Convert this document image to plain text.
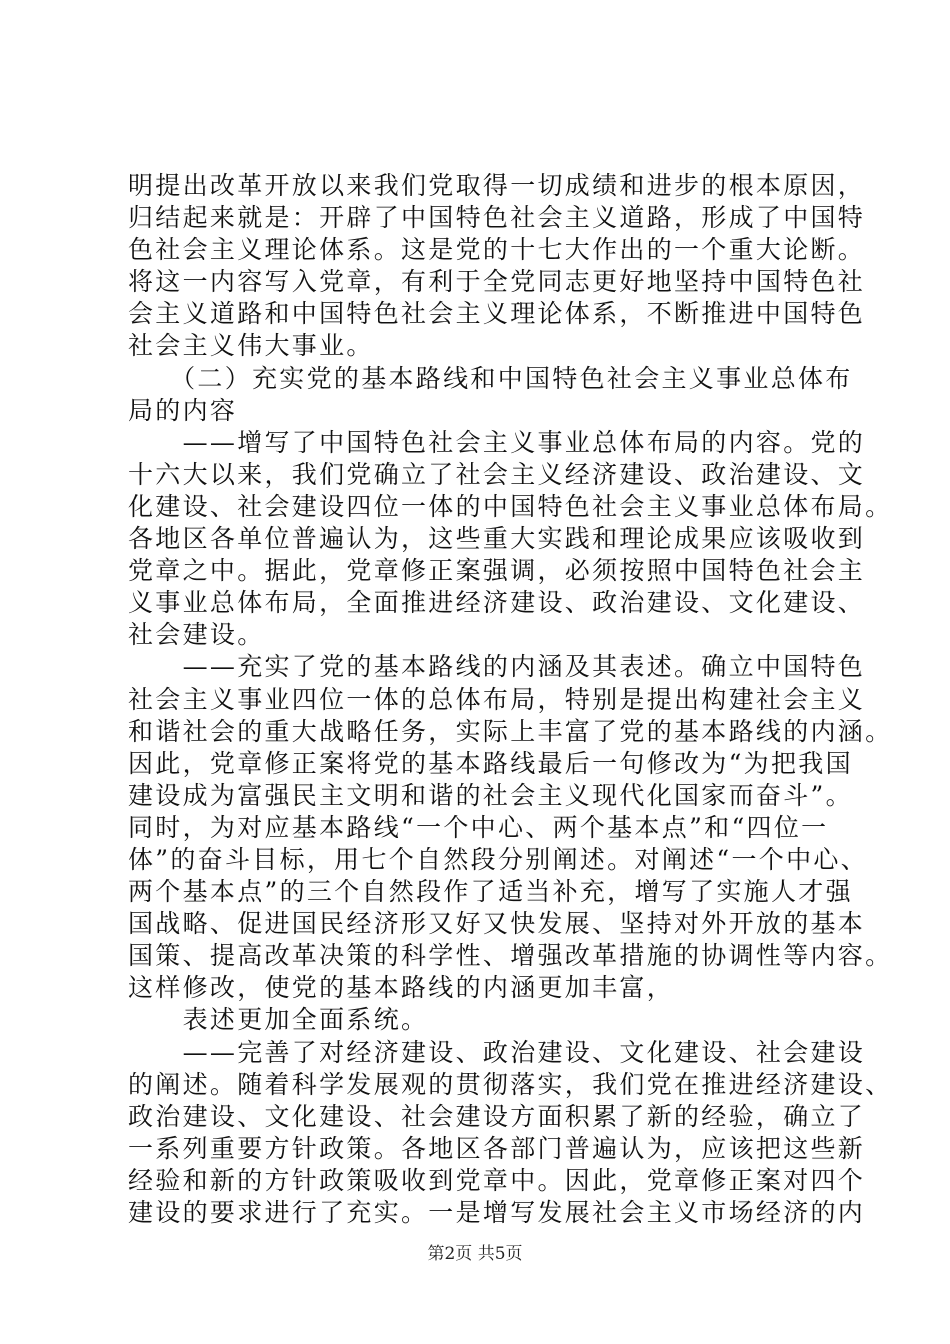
明提出改革开放以来我们党取得一切成绩和进步的根本原因，
归结起来就是：开辟了中国特色社会主义道路，形成了中国特
色社会主义理论体系。这是党的十七大作出的一个重大论断。
将这一内容写入党章，有利于全党同志更好地坚持中国特色社
会主义道路和中国特色社会主义理论体系，不断推进中国特色
社会主义伟大事业。
　　（二）充实党的基本路线和中国特色社会主义事业总体布
局的内容
　　——增写了中国特色社会主义事业总体布局的内容。党的
十六大以来，我们党确立了社会主义经济建设、政治建设、文
化建设、社会建设四位一体的中国特色社会主义事业总体布局。
各地区各单位普遍认为，这些重大实践和理论成果应该吸收到
党章之中。据此，党章修正案强调，必须按照中国特色社会主
义事业总体布局，全面推进经济建设、政治建设、文化建设、
社会建设。
　　——充实了党的基本路线的内涵及其表述。确立中国特色
社会主义事业四位一体的总体布局，特别是提出构建社会主义
和谐社会的重大战略任务，实际上丰富了党的基本路线的内涵。
因此，党章修正案将党的基本路线最后一句修改为“为把我国
建设成为富强民主文明和谐的社会主义现代化国家而奋斗”。
同时，为对应基本路线“一个中心、两个基本点”和“四位一
体”的奋斗目标，用七个自然段分别阐述。对阐述“一个中心、
两个基本点”的三个自然段作了适当补充，增写了实施人才强
国战略、促进国民经济形又好又快发展、坚持对外开放的基本
国策、提高改革决策的科学性、增强改革措施的协调性等内容。
这样修改，使党的基本路线的内涵更加丰富，
　　表述更加全面系统。
　　——完善了对经济建设、政治建设、文化建设、社会建设
的阐述。随着科学发展观的贯彻落实，我们党在推进经济建设、
政治建设、文化建设、社会建设方面积累了新的经验，确立了
一系列重要方针政策。各地区各部门普遍认为，应该把这些新
经验和新的方针政策吸收到党章中。因此，党章修正案对四个
建设的要求进行了充实。一是增写发展社会主义市场经济的内
第2页 共5页
